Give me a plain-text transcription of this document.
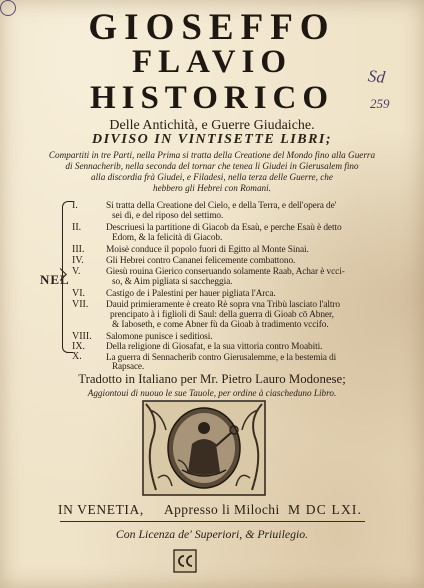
GIOSEFFO
FLAVIO
HISTORICO
Delle Antichità, e Guerre Giudaiche.
DIVISO IN VINTISETTE LIBRI;
Compartiti in tre Parti, nella Prima si tratta della Creatione del Mondo fino alla Guerra
di Sennacherib, nella seconda del tornar che tenea li Giudei in Gierusalem fino
alla discordia frà Giudei, e Filadesi, nella terza delle Guerre, che
hebbero gli Hebrei con Romani.
NEL
I.	Si tratta della Creatione del Cielo, e della Terra, e dell'opera de'
sei dì, e del riposo del settimo.
II.	Descriuesi la partitione di Giacob da Esaù, e perche Esaù è detto
Edom, & la felicità di Giacob.
III.	Moisè conduce il popolo fuori di Egitto al Monte Sinai.
IV.	Gli Hebrei contro Cananei felicemente combattono.
V.	Giesù rouina Gierico conseruando solamente Raab, Achar è vcci-
so, & Aim pigliata si saccheggia.
VI.	Castigo de i Palestini per hauer pigliata l'Arca.
VII.	Dauid primieramente è creato Rè sopra vna Tribù lasciato l'altro
prencipato à i figlioli di Saul: della guerra di Gioab cō Abner,
& Iaboseth, e come Abner fù da Gioab à tradimento vccifo.
VIII.	Salomone punisce i seditiosi.
IX.	Della religione di Giosafat, e la sua vittoria contro Moabiti.
X.	La guerra di Sennacherib contro Gierusalemme, e la bestemia di
Rapsace.
Tradotto in Italiano per Mr. Pietro Lauro Modonese;
Aggiontoui di nuouo le sue Tauole, per ordine à ciascheduno Libro.
IN VENETIA, Appresso li Milochi M DC LXI.
Con Licenza de' Superiori, & Priuilegio.
Sd
259
